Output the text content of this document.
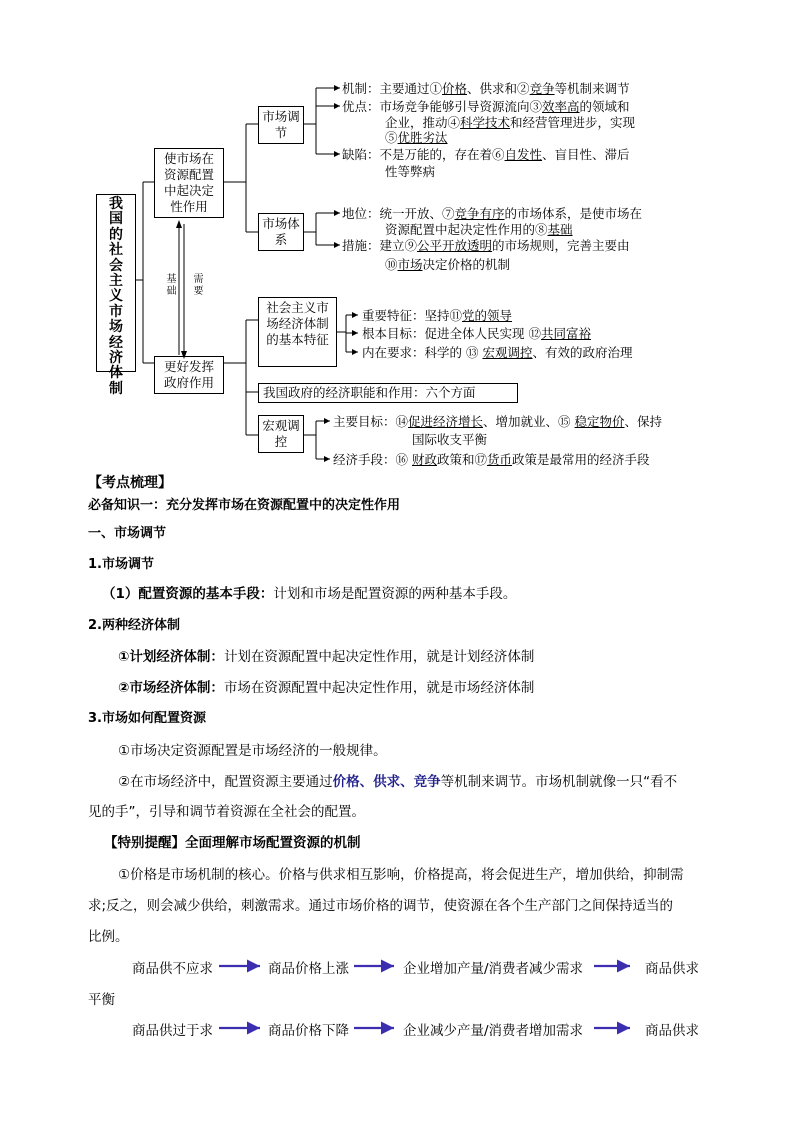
我国的社会主义市场经济体制
使市场在资源配置中起决定性作用
更好发挥政府作用
基础
需要
市场调节
市场体系
社会主义市场经济体制的基本特征
我国政府的经济职能和作用：六个方面
宏观调控
机制：主要通过①价格、供求和②竞争等机制来调节
优点：市场竞争能够引导资源流向③效率高的领域和
企业，推动④科学技术和经营管理进步，实现
⑤优胜劣汰
缺陷：不是万能的，存在着⑥自发性、盲目性、滞后
性等弊病
地位：统一开放、⑦竞争有序的市场体系，是使市场在
资源配置中起决定性作用的⑧基础
措施：建立⑨公平开放透明的市场规则，完善主要由
⑩市场决定价格的机制
重要特征：坚持⑪党的领导
根本目标：促进全体人民实现 ⑫共同富裕
内在要求：科学的 ⑬ 宏观调控、有效的政府治理
主要目标：⑭促进经济增长、增加就业、⑮ 稳定物价、保持
国际收支平衡
经济手段：⑯ 财政政策和⑰货币政策是最常用的经济手段
【考点梳理】
必备知识一：充分发挥市场在资源配置中的决定性作用
一、市场调节
1.市场调节
（1）配置资源的基本手段：计划和市场是配置资源的两种基本手段。
2.两种经济体制
①计划经济体制：计划在资源配置中起决定性作用，就是计划经济体制
②市场经济体制：市场在资源配置中起决定性作用，就是市场经济体制
3.市场如何配置资源
①市场决定资源配置是市场经济的一般规律。
②在市场经济中，配置资源主要通过价格、供求、竞争等机制来调节。市场机制就像一只“看不
见的手”，引导和调节着资源在全社会的配置。
【特别提醒】全面理解市场配置资源的机制
①价格是市场机制的核心。价格与供求相互影响，价格提高，将会促进生产，增加供给，抑制需
求;反之，则会减少供给，刺激需求。通过市场价格的调节，使资源在各个生产部门之间保持适当的
比例。
商品供不应求	商品价格上涨	企业增加产量/消费者减少需求	商品供求
平衡
商品供过于求	商品价格下降	企业减少产量/消费者增加需求	商品供求
